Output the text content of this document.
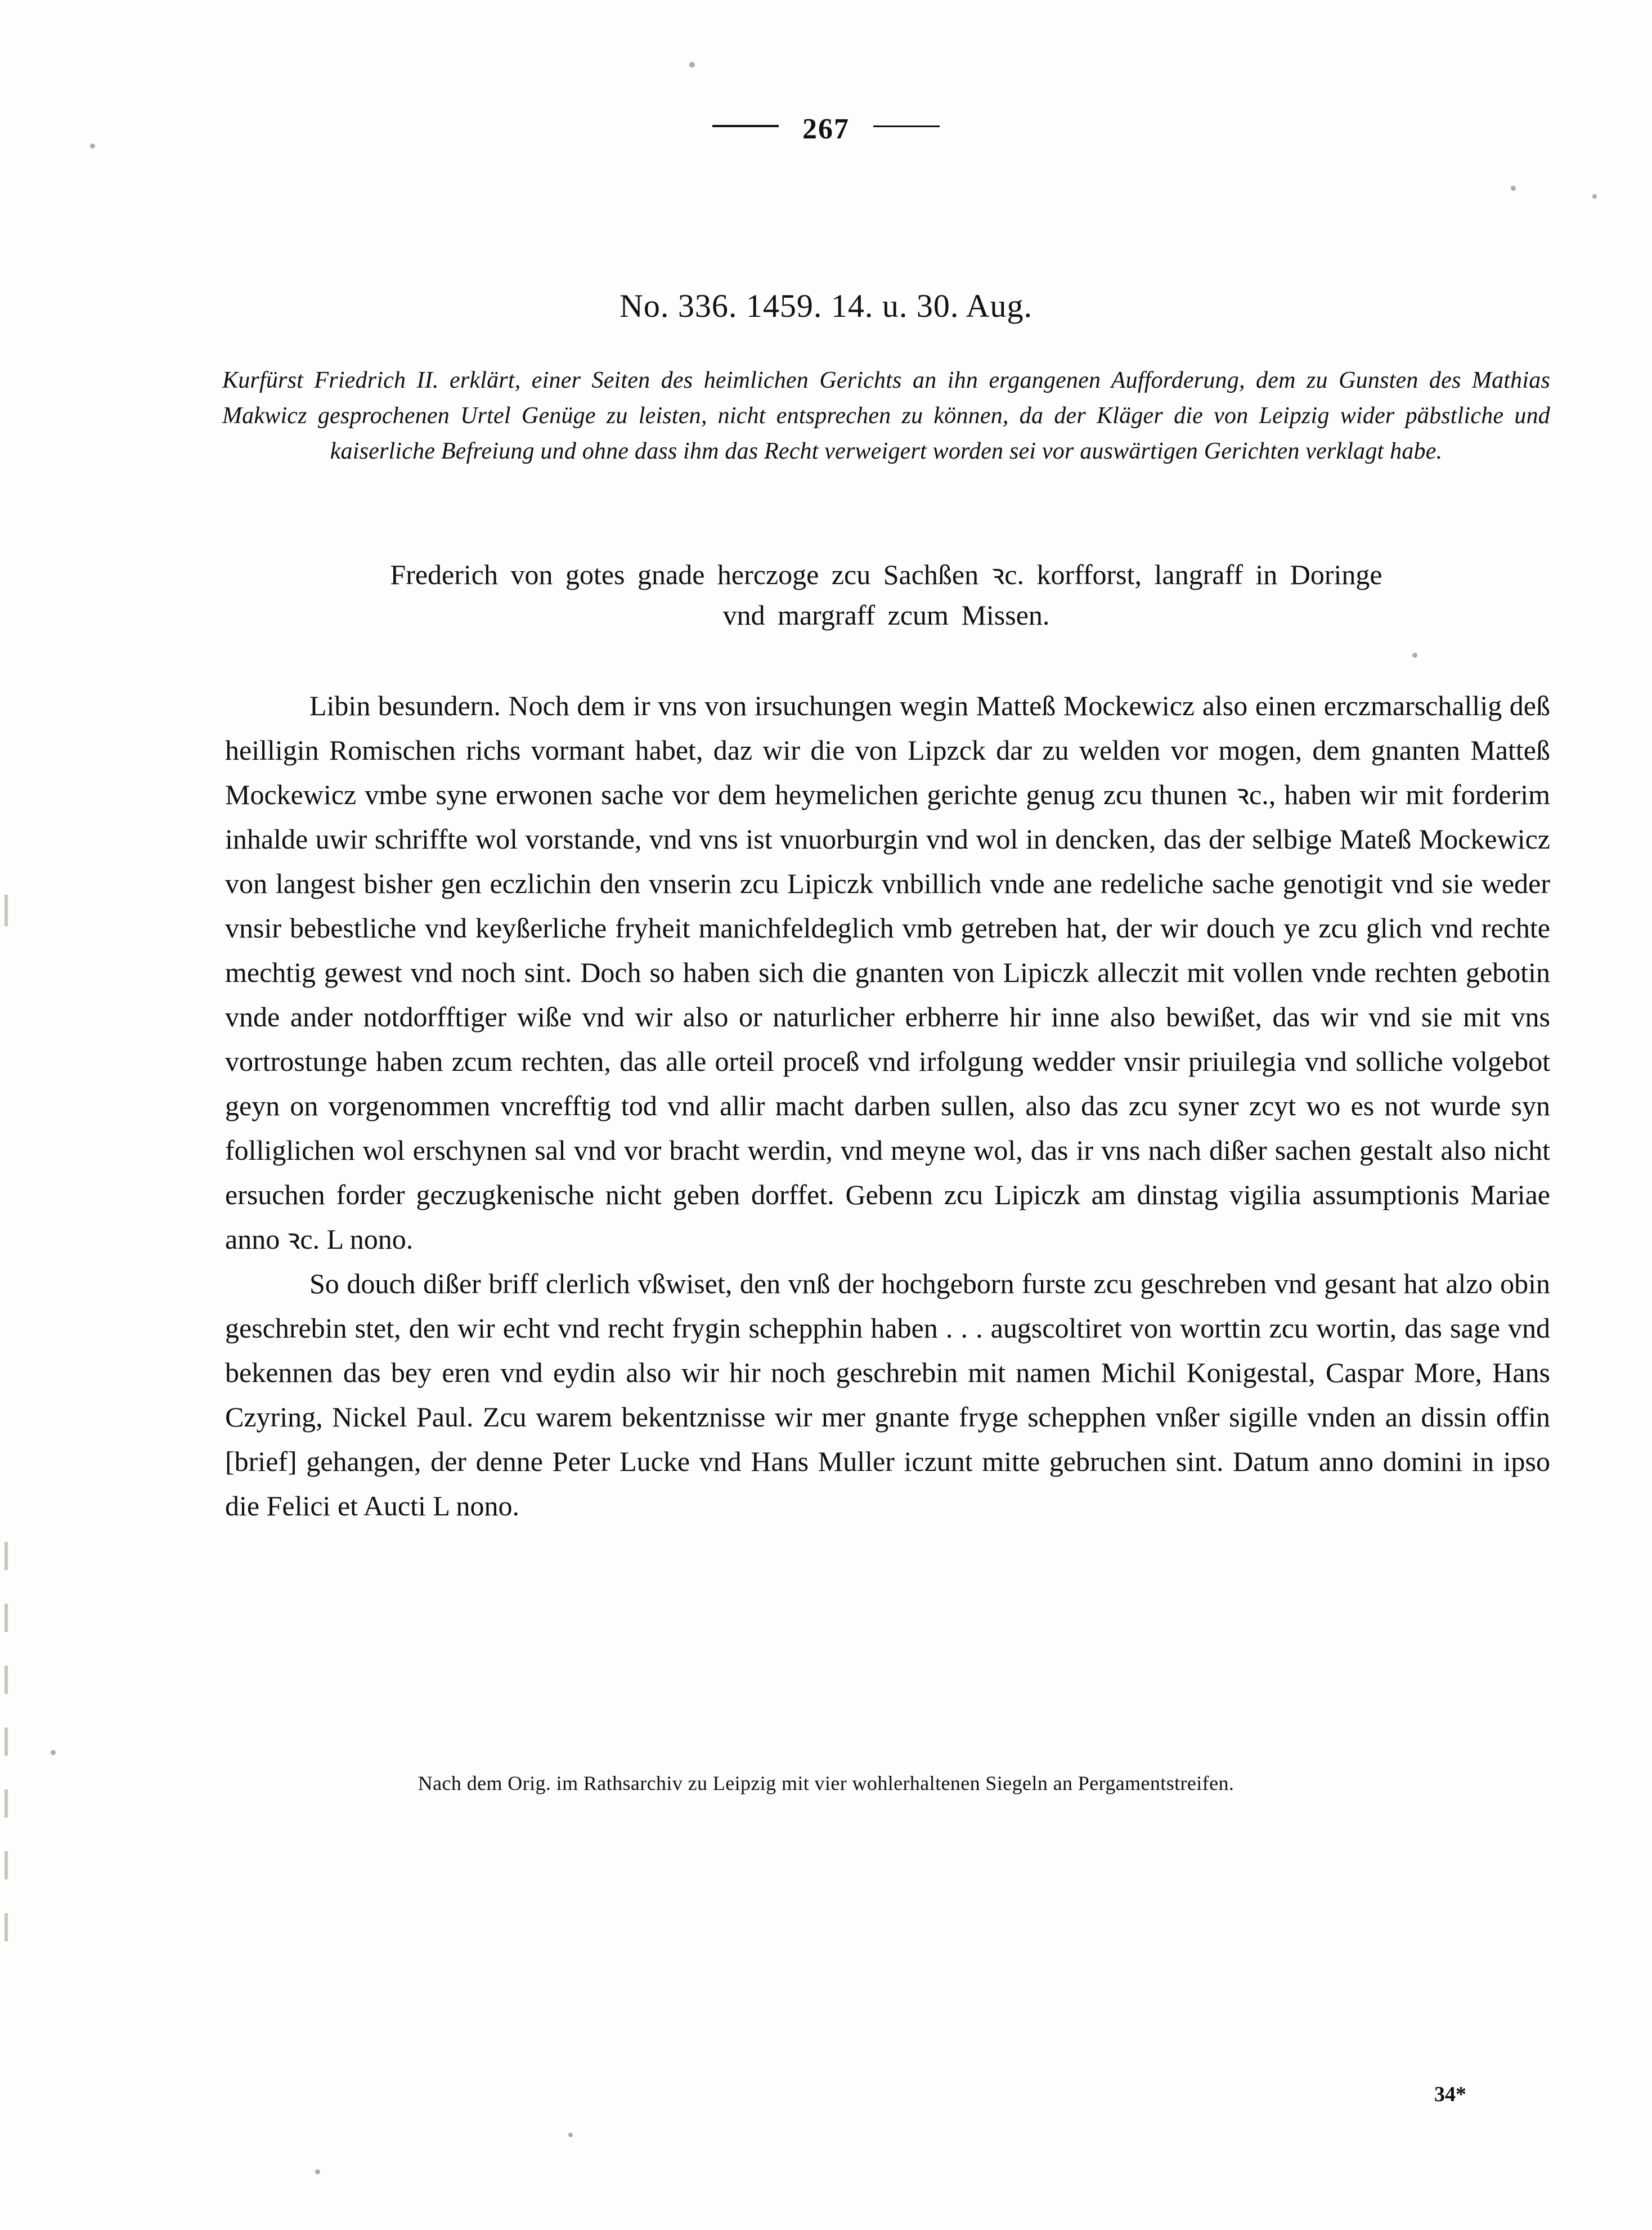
267
No. 336. 1459. 14. u. 30. Aug.
Kurfürst Friedrich II. erklärt, einer Seiten des heimlichen Gerichts an ihn ergangenen Aufforderung, dem zu Gunsten des Mathias Makwicz gesprochenen Urtel Genüge zu leisten, nicht entsprechen zu können, da der Kläger die von Leipzig wider päbstliche und kaiserliche Befreiung und ohne dass ihm das Recht verweigert worden sei vor auswärtigen Gerichten verklagt habe.
Frederich von gotes gnade herczoge zcu Sachßen ꝛc. korfforst, langraff in Doringe
vnd margraff zcum Missen.

Libin besundern. Noch dem ir vns von irsuchungen wegin Matteß Mockewicz also einen erczmarschallig deß heilligin Romischen richs vormant habet, daz wir die von Lipzck dar zu welden vor mogen, dem gnanten Matteß Mockewicz vmbe syne erwonen sache vor dem heymelichen gerichte genug zcu thunen ꝛc., haben wir mit forderim inhalde uwir schriffte wol vorstande, vnd vns ist vnuorburgin vnd wol in dencken, das der selbige Mateß Mockewicz von langest bisher gen eczlichin den vnserin zcu Lipiczk vnbillich vnde ane redeliche sache genotigit vnd sie weder vnsir bebestliche vnd keyßerliche fryheit manichfeldeglich vmb getreben hat, der wir douch ye zcu glich vnd rechte mechtig gewest vnd noch sint. Doch so haben sich die gnanten von Lipiczk alleczit mit vollen vnde rechten gebotin vnde ander notdorfftiger wiße vnd wir also or naturlicher erbherre hir inne also bewißet, das wir vnd sie mit vns vortrostunge haben zcum rechten, das alle orteil proceß vnd irfolgung wedder vnsir priuilegia vnd solliche volgebot geyn on vorgenommen vncrefftig tod vnd allir macht darben sullen, also das zcu syner zcyt wo es not wurde syn folliglichen wol erschynen sal vnd vor bracht werdin, vnd meyne wol, das ir vns nach dißer sachen gestalt also nicht ersuchen forder geczugkenische nicht geben dorffet. Gebenn zcu Lipiczk am dinstag vigilia assumptionis Mariae anno ꝛc. L nono.

So douch dißer briff clerlich vßwiset, den vnß der hochgeborn furste zcu geschreben vnd gesant hat alzo obin geschrebin stet, den wir echt vnd recht frygin schepphin haben . . . augscoltiret von worttin zcu wortin, das sage vnd bekennen das bey eren vnd eydin also wir hir noch geschrebin mit namen Michil Konigestal, Caspar More, Hans Czyring, Nickel Paul. Zcu warem bekentznisse wir mer gnante fryge schepphen vnßer sigille vnden an dissin offin [brief] gehangen, der denne Peter Lucke vnd Hans Muller iczunt mitte gebruchen sint. Datum anno domini in ipso die Felici et Aucti L nono.

Nach dem Orig. im Rathsarchiv zu Leipzig mit vier wohlerhaltenen Siegeln an Pergamentstreifen.
34*
